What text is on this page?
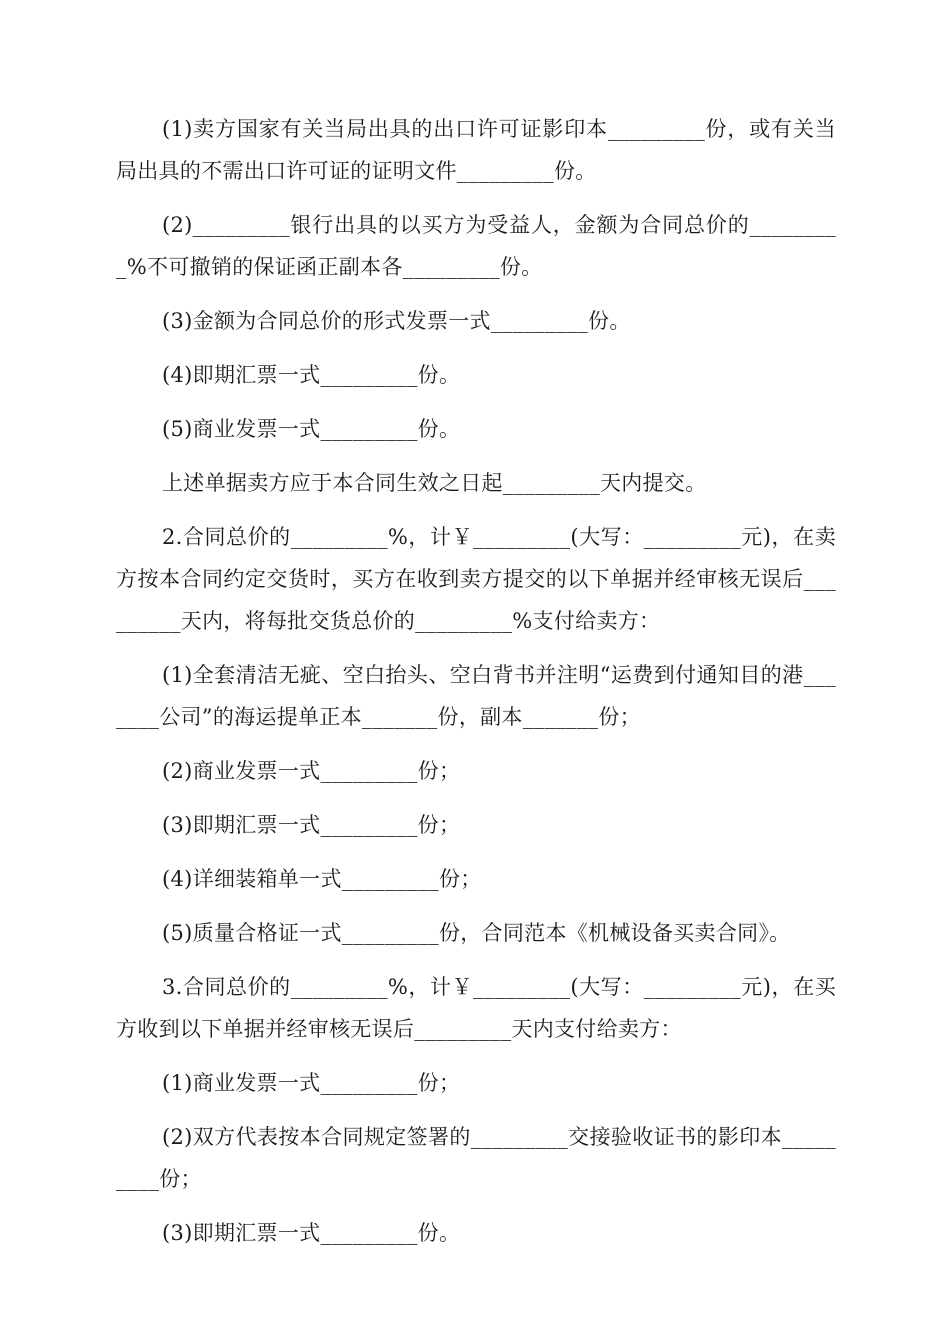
(1)卖方国家有关当局出具的出口许可证影印本_________份，或有关当局出具的不需出口许可证的证明文件_________份。

(2)_________银行出具的以买方为受益人，金额为合同总价的_________%不可撤销的保证函正副本各_________份。

(3)金额为合同总价的形式发票一式_________份。

(4)即期汇票一式_________份。

(5)商业发票一式_________份。

上述单据卖方应于本合同生效之日起_________天内提交。

2.合同总价的_________%，计￥_________(大写：_________元)，在卖方按本合同约定交货时，买方在收到卖方提交的以下单据并经审核无误后_________天内，将每批交货总价的_________%支付给卖方：

(1)全套清洁无疵、空白抬头、空白背书并注明“运费到付通知目的港_______公司”的海运提单正本_______份，副本_______份；

(2)商业发票一式_________份；

(3)即期汇票一式_________份；

(4)详细装箱单一式_________份；

(5)质量合格证一式_________份，合同范本《机械设备买卖合同》。

3.合同总价的_________%，计￥_________(大写：_________元)，在买方收到以下单据并经审核无误后_________天内支付给卖方：

(1)商业发票一式_________份；

(2)双方代表按本合同规定签署的_________交接验收证书的影印本_________份；

(3)即期汇票一式_________份。
